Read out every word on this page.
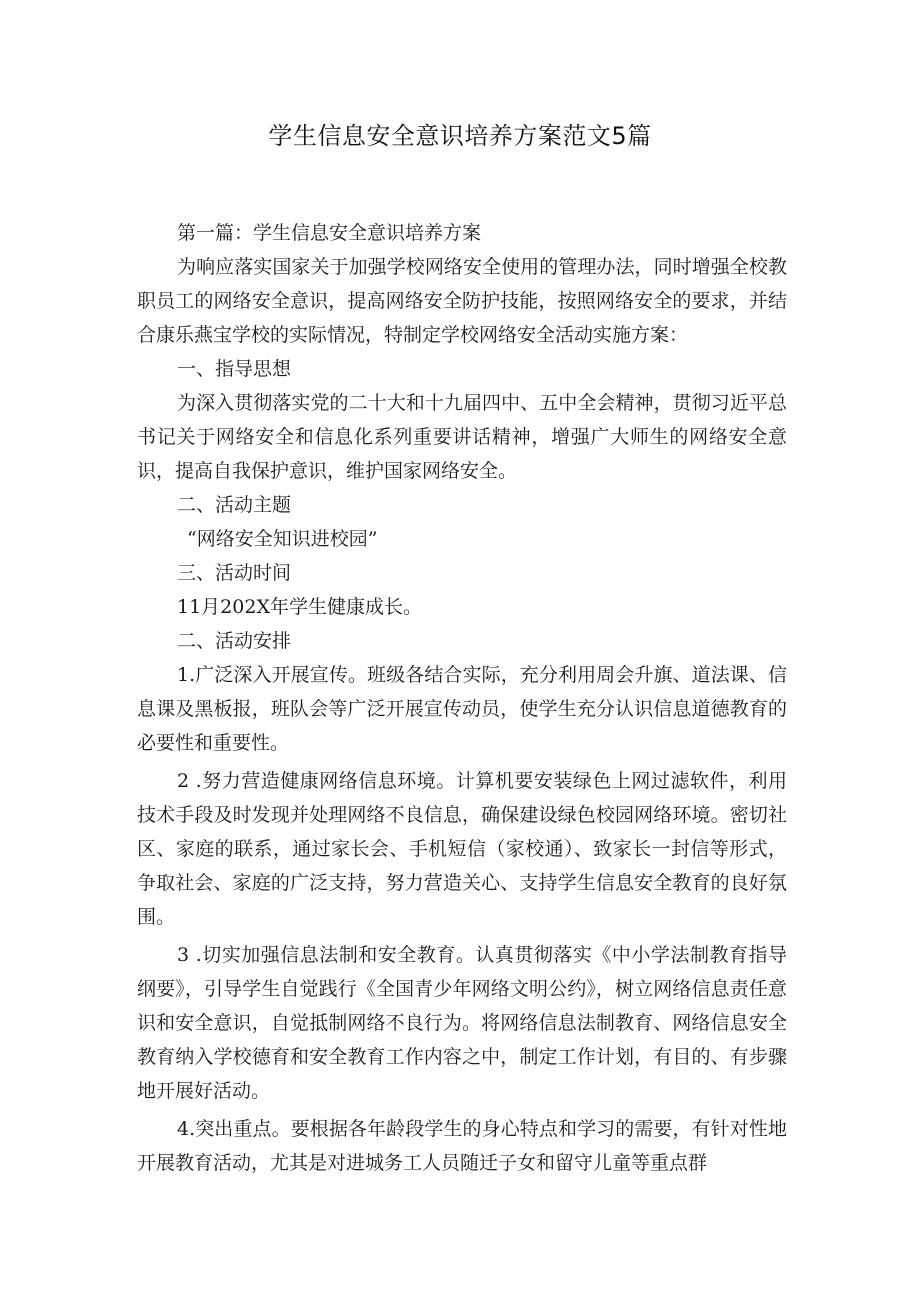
学生信息安全意识培养方案范文5篇

第一篇：学生信息安全意识培养方案

为响应落实国家关于加强学校网络安全使用的管理办法，同时增强全校教职员工的网络安全意识，提高网络安全防护技能，按照网络安全的要求，并结合康乐燕宝学校的实际情况，特制定学校网络安全活动实施方案：

一、指导思想

为深入贯彻落实党的二十大和十九届四中、五中全会精神，贯彻习近平总书记关于网络安全和信息化系列重要讲话精神，增强广大师生的网络安全意识，提高自我保护意识，维护国家网络安全。

二、活动主题

“网络安全知识进校园”

三、活动时间

11月202X年学生健康成长。

二、活动安排

1.广泛深入开展宣传。班级各结合实际，充分利用周会升旗、道法课、信息课及黑板报，班队会等广泛开展宣传动员，使学生充分认识信息道德教育的必要性和重要性。

2 .努力营造健康网络信息环境。计算机要安装绿色上网过滤软件，利用技术手段及时发现并处理网络不良信息，确保建设绿色校园网络环境。密切社区、家庭的联系，通过家长会、手机短信（家校通）、致家长一封信等形式，争取社会、家庭的广泛支持，努力营造关心、支持学生信息安全教育的良好氛围。

3 .切实加强信息法制和安全教育。认真贯彻落实《中小学法制教育指导纲要》，引导学生自觉践行《全国青少年网络文明公约》，树立网络信息责任意识和安全意识，自觉抵制网络不良行为。将网络信息法制教育、网络信息安全教育纳入学校德育和安全教育工作内容之中，制定工作计划，有目的、有步骤地开展好活动。

4.突出重点。要根据各年龄段学生的身心特点和学习的需要，有针对性地开展教育活动，尤其是对进城务工人员随迁子女和留守儿童等重点群
